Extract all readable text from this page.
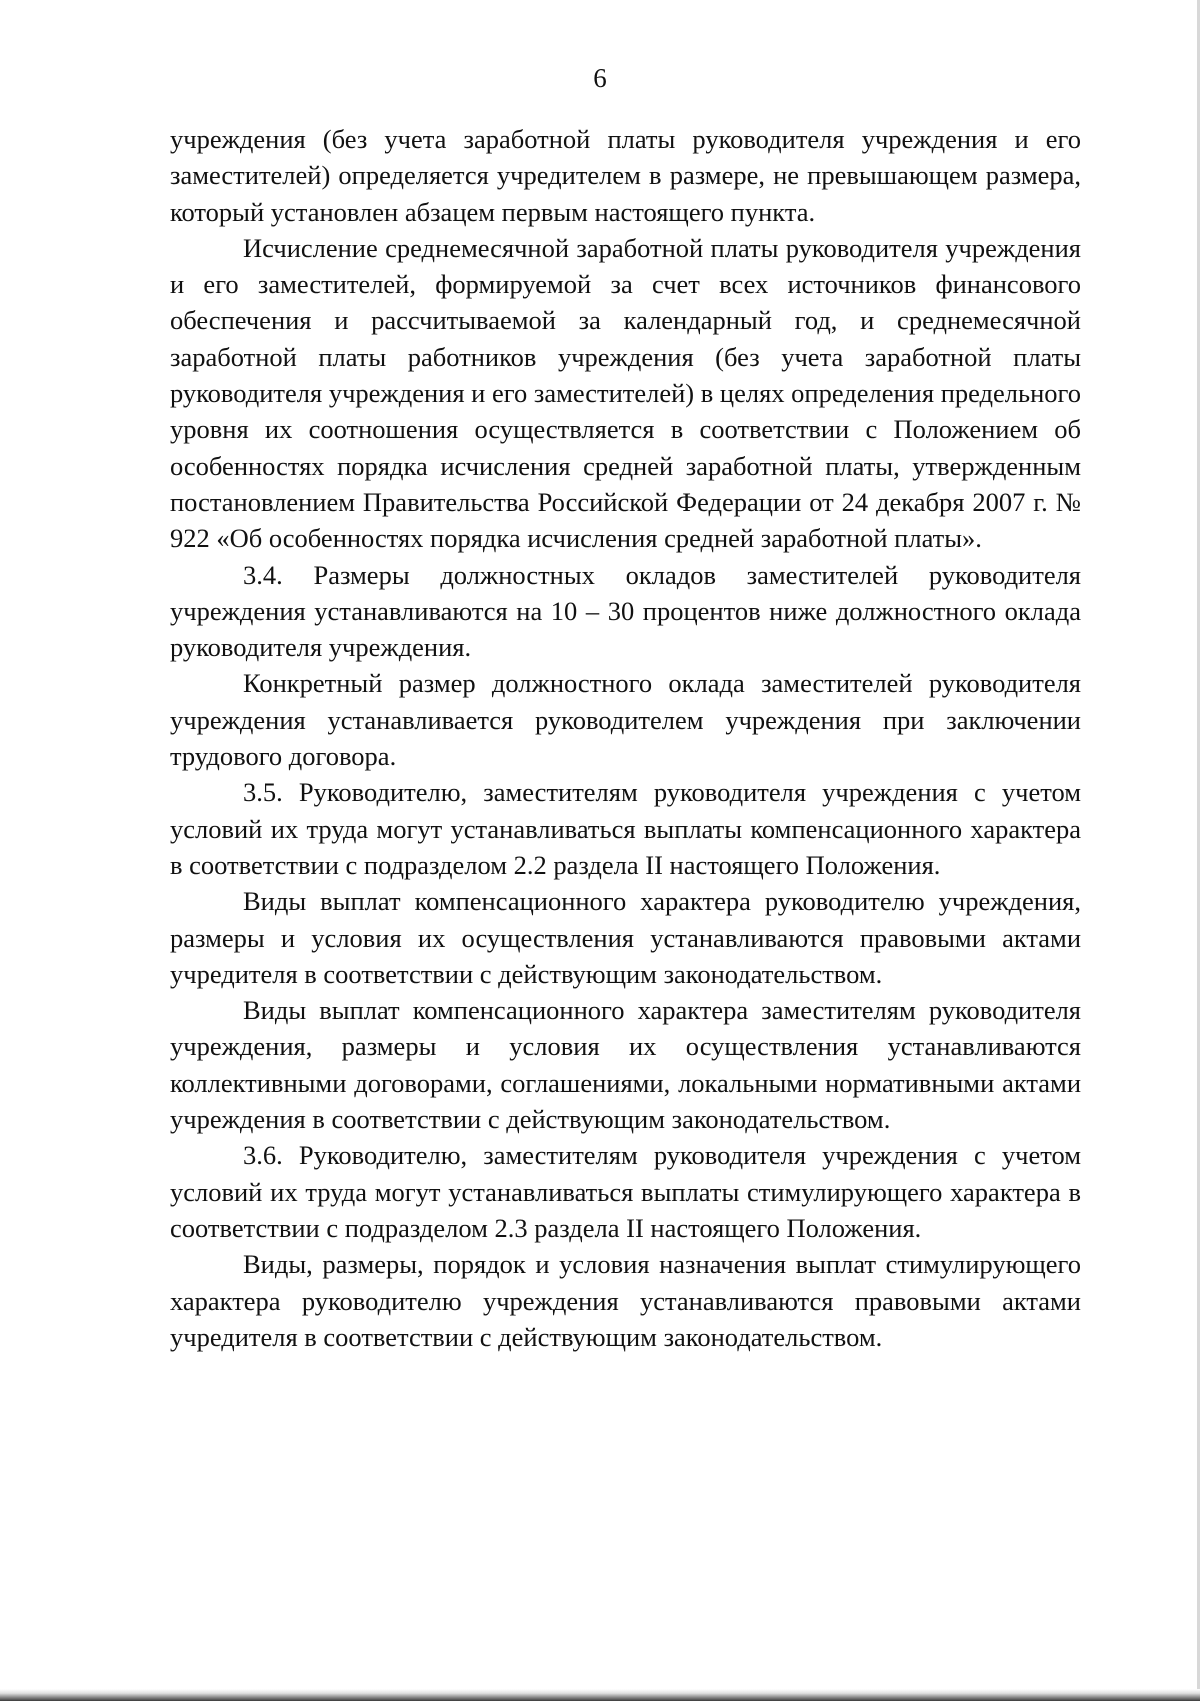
6

учреждения (без учета заработной платы руководителя учреждения и его заместителей) определяется учредителем в размере, не превышающем размера, который установлен абзацем первым настоящего пункта.

Исчисление среднемесячной заработной платы руководителя учреждения и его заместителей, формируемой за счет всех источников финансового обеспечения и рассчитываемой за календарный год, и среднемесячной заработной платы работников учреждения (без учета заработной платы руководителя учреждения и его заместителей) в целях определения предельного уровня их соотношения осуществляется в соответствии с Положением об особенностях порядка исчисления средней заработной платы, утвержденным постановлением Правительства Российской Федерации от 24 декабря 2007 г. № 922 «Об особенностях порядка исчисления средней заработной платы».

3.4. Размеры должностных окладов заместителей руководителя учреждения устанавливаются на 10 – 30 процентов ниже должностного оклада руководителя учреждения.

Конкретный размер должностного оклада заместителей руководителя учреждения устанавливается руководителем учреждения при заключении трудового договора.

3.5. Руководителю, заместителям руководителя учреждения с учетом условий их труда могут устанавливаться выплаты компенсационного характера в соответствии с подразделом 2.2 раздела II настоящего Положения.

Виды выплат компенсационного характера руководителю учреждения, размеры и условия их осуществления устанавливаются правовыми актами учредителя в соответствии с действующим законодательством.

Виды выплат компенсационного характера заместителям руководителя учреждения, размеры и условия их осуществления устанавливаются коллективными договорами, соглашениями, локальными нормативными актами учреждения в соответствии с действующим законодательством.

3.6. Руководителю, заместителям руководителя учреждения с учетом условий их труда могут устанавливаться выплаты стимулирующего характера в соответствии с подразделом 2.3 раздела II настоящего Положения.

Виды, размеры, порядок и условия назначения выплат стимулирующего характера руководителю учреждения устанавливаются правовыми актами учредителя в соответствии с действующим законодательством.
